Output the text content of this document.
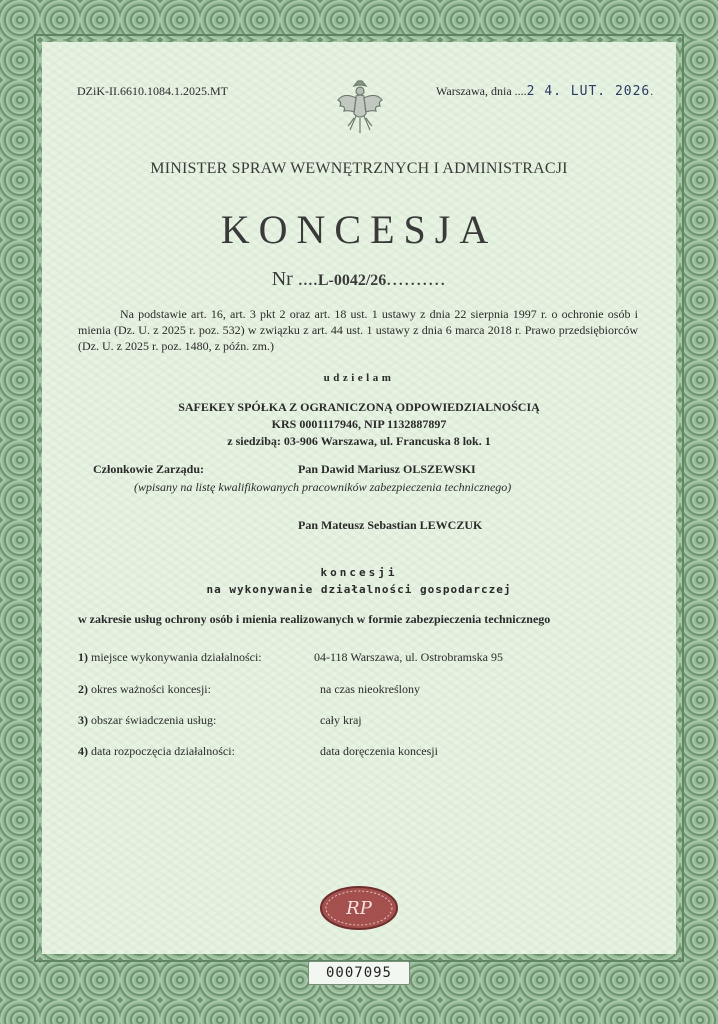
DZiK-II.6610.1084.1.2025.MT	Warszawa, dnia ....2 4. LUT. 2026.
MINISTER SPRAW WEWNĘTRZNYCH I ADMINISTRACJI
KONCESJA
Nr ....L-0042/26..........
Na podstawie art. 16, art. 3 pkt 2 oraz art. 18 ust. 1 ustawy z dnia 22 sierpnia 1997 r. o ochronie osób i mienia (Dz. U. z 2025 r. poz. 532) w związku z art. 44 ust. 1 ustawy z dnia 6 marca 2018 r. Prawo przedsiębiorców (Dz. U. z 2025 r. poz. 1480, z późn. zm.)
udzielam
SAFEKEY SPÓŁKA Z OGRANICZONĄ ODPOWIEDZIALNOŚCIĄ
KRS 0001117946, NIP 1132887897
z siedzibą: 03-906 Warszawa, ul. Francuska 8 lok. 1
Członkowie Zarządu:	Pan Dawid Mariusz OLSZEWSKI
(wpisany na listę kwalifikowanych pracowników zabezpieczenia technicznego)
Pan Mateusz Sebastian LEWCZUK
koncesji
na wykonywanie działalności gospodarczej
w zakresie usług ochrony osób i mienia realizowanych w formie zabezpieczenia technicznego
1) miejsce wykonywania działalności:	04-118 Warszawa, ul. Ostrobramska 95
2) okres ważności koncesji:	na czas nieokreślony
3) obszar świadczenia usług:	cały kraj
4) data rozpoczęcia działalności:	data doręczenia koncesji
RP
0007095
